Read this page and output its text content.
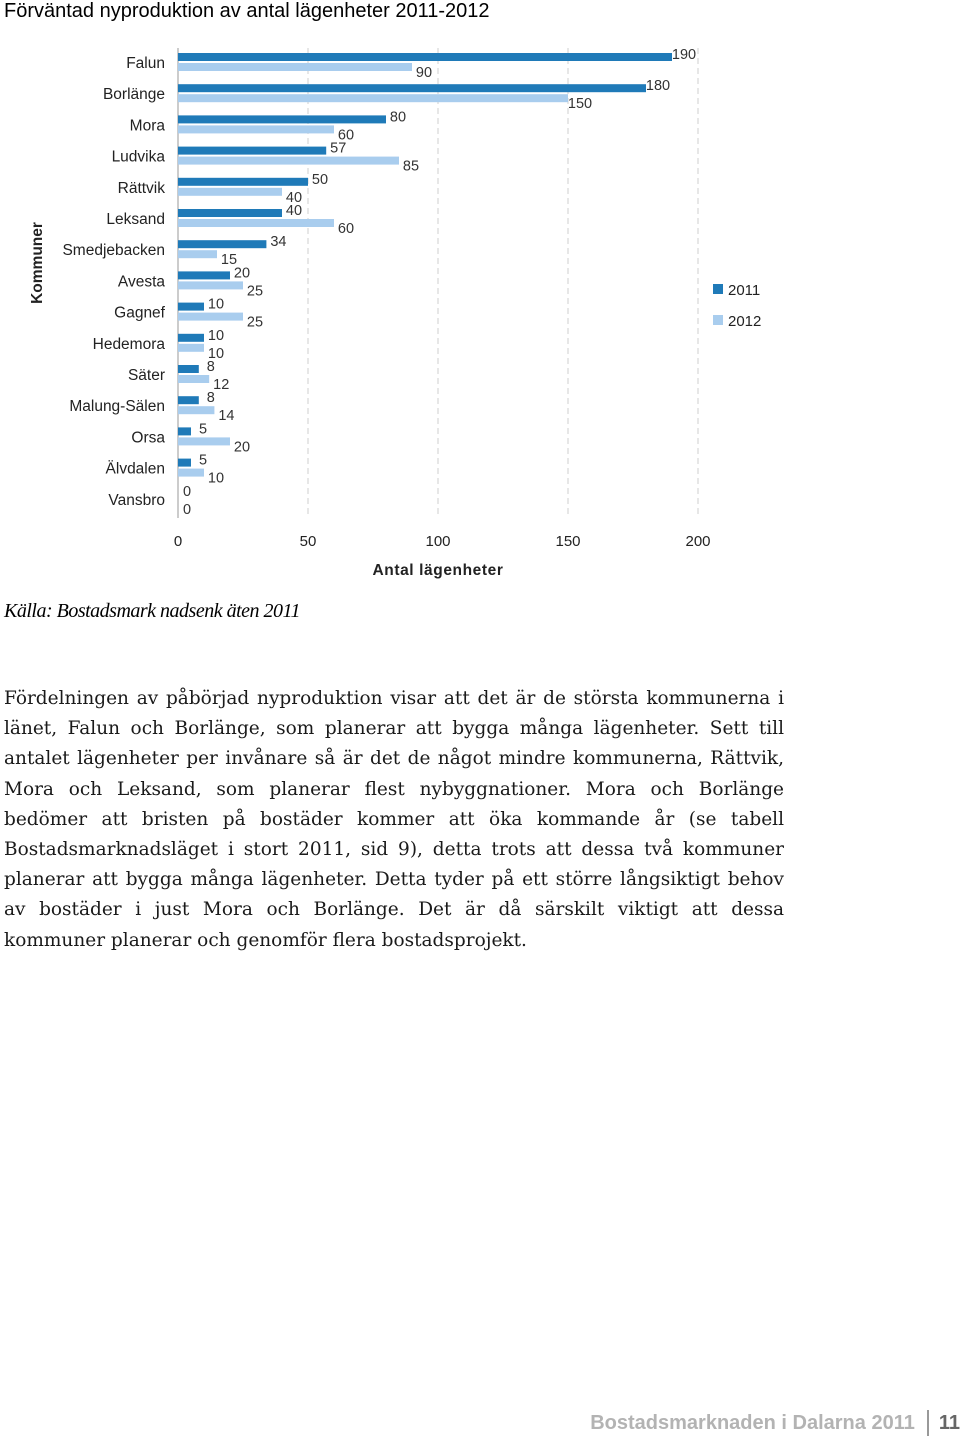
Förväntad nyproduktion av antal lägenheter 2011-2012
0	50	100	150	200
Falun	190
90
Borlänge	180
150
Mora	80
60
Ludvika	57
85
Rättvik	50
40
Leksand	40
60
Smedjebacken	34
15
Avesta	20
25
Gagnef	10
25
Hedemora	10
10
Säter	8
12
Malung-Sälen	8
14
Orsa 5
20
Älvdalen 5
10
Vansbro 0
0
Kommuner
Antal lägenheter
2011
2012
Källa: Bostadsmark nadsenk äten 2011
Fördelningen av påbörjad nyproduktion visar att det är de största kommunerna i länet, Falun och Borlänge, som planerar att bygga många lägenheter. Sett till antalet lägenheter per invånare så är det de något mindre kommunerna, Rättvik, Mora och Leksand, som planerar flest nybyggnationer. Mora och Borlänge bedömer att bristen på bostäder kommer att öka kommande år (se tabell Bostadsmarknadsläget i stort 2011, sid 9), detta trots att dessa två kommuner planerar att bygga många lägenheter. Detta tyder på ett större långsiktigt behov av bostäder i just Mora och Borlänge. Det är då särskilt viktigt att dessa kommuner planerar och genomför flera bostadsprojekt.
Bostadsmarknaden i Dalarna 2011 11
